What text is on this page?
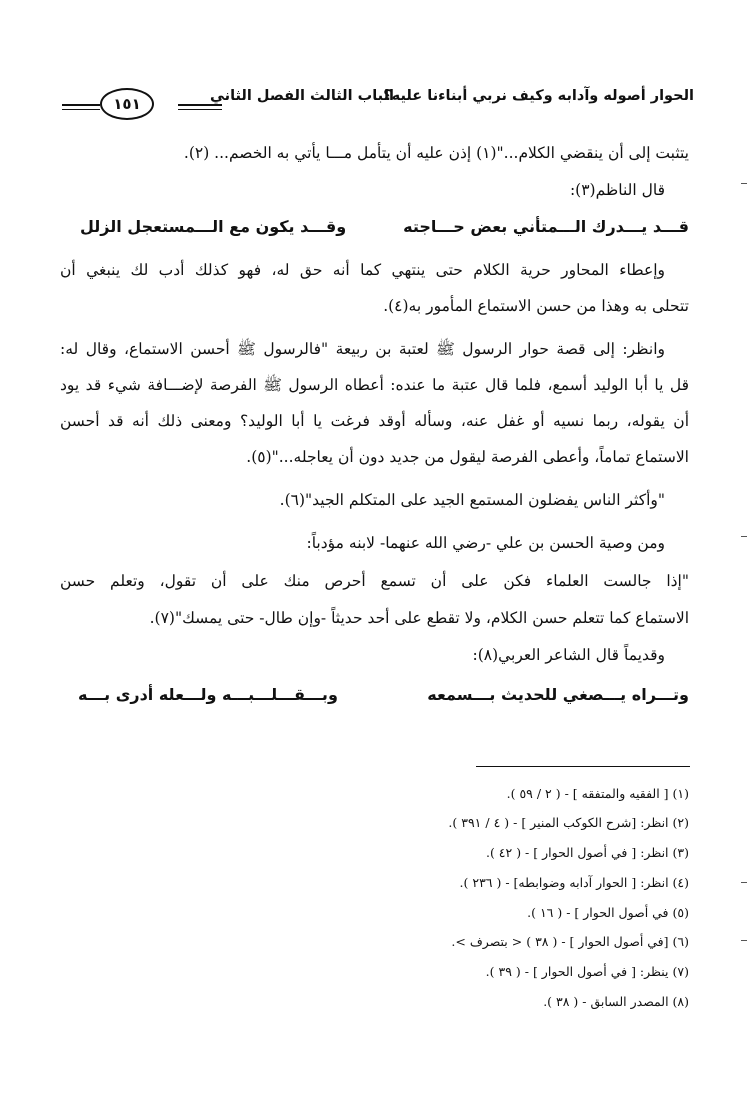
الحوار أصوله وآدابه وكيف نربي أبناءنا عليه؟
الباب الثالث الفصل الثاني
١٥١
يتثبت إلى أن ينقضي الكلام..."(١) إذن عليه أن يتأمل مـــا يأتي به الخصم... (٢).
قال الناظم(٣):
قـــد يـــدرك الـــمتأني بعض حـــاجته
وقـــد يكون مع الـــمستعجل الزلل
وإعطاء المحاور حرية الكلام حتى ينتهي كما أنه حق له، فهو كذلك أدب لك ينبغي أن
تتحلى به وهذا من حسن الاستماع المأمور به(٤).
وانظر: إلى قصة حوار الرسول ﷺ لعتبة بن ربيعة "فالرسول ﷺ أحسن الاستماع، وقال له:
قل يا أبا الوليد أسمع، فلما قال عتبة ما عنده: أعطاه الرسول ﷺ الفرصة لإضـــافة شيء قد يود
أن يقوله، ربما نسيه أو غفل عنه، وسأله أوقد فرغت يا أبا الوليد؟ ومعنى ذلك أنه قد أحسن
الاستماع تماماً، وأعطى الفرصة ليقول من جديد دون أن يعاجله..."(٥).
"وأكثر الناس يفضلون المستمع الجيد على المتكلم الجيد"(٦).
ومن وصية الحسن بن علي -رضي الله عنهما- لابنه مؤدباً:
"إذا جالست العلماء فكن على أن تسمع أحرص منك على أن تقول، وتعلم حسن
الاستماع كما تتعلم حسن الكلام، ولا تقطع على أحد حديثاً -وإن طال- حتى يمسك"(٧).
وقديماً قال الشاعر العربي(٨):
وتـــراه يـــصغي للحديث بـــسمعه
وبـــقـــلـــبـــه ولـــعله أدرى بـــه
(١) [ الفقيه والمتفقه ] - ( ٢ / ٥٩ ).
(٢) انظر: [شرح الكوكب المنير ] - ( ٤ / ٣٩١ ).
(٣) انظر: [ في أصول الحوار ] - ( ٤٢ ).
(٤) انظر: [ الحوار آدابه وضوابطه] - ( ٢٣٦ ).
(٥) في أصول الحوار ] - ( ١٦ ).
(٦) [في أصول الحوار ] - ( ٣٨ ) < بتصرف >.
(٧) ينظر: [ في أصول الحوار ] - ( ٣٩ ).
(٨) المصدر السابق - ( ٣٨ ).
